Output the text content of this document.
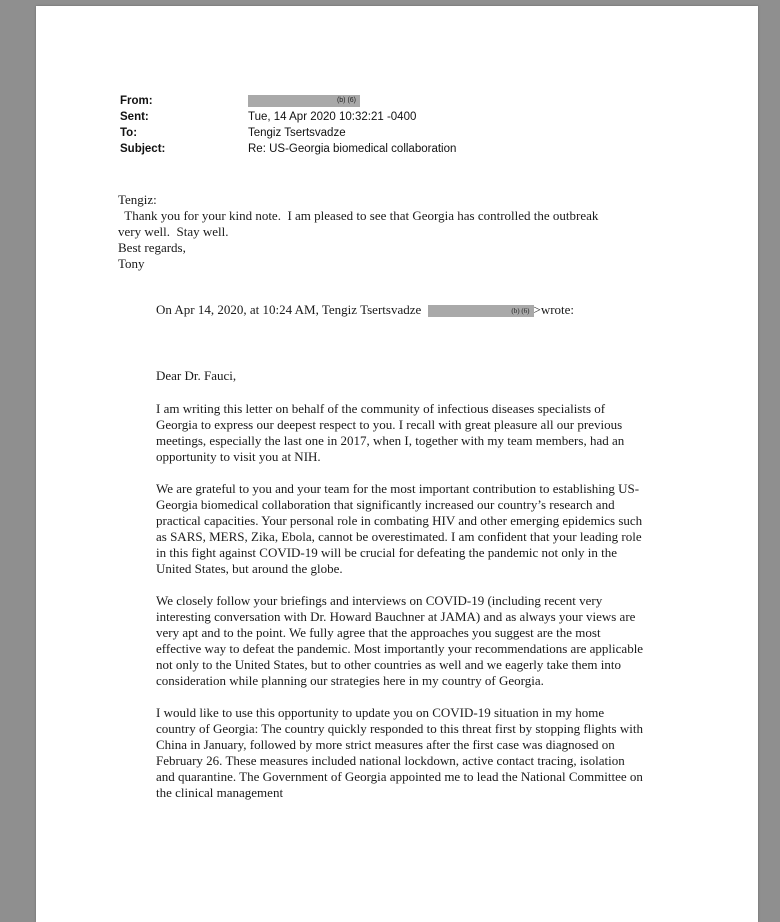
From:	(b) (6)
Sent:	Tue, 14 Apr 2020 10:32:21 -0400
To:	Tengiz Tsertsvadze
Subject:	Re: US-Georgia biomedical collaboration
Tengiz:
Thank you for your kind note.  I am pleased to see that Georgia has controlled the outbreak
very well.  Stay well.
Best regards,
Tony
On Apr 14, 2020, at 10:24 AM, Tengiz Tsertsvadze	(b) (6) >wrote:

Dear Dr. Fauci,

I am writing this letter on behalf of the community of infectious diseases specialists of Georgia to express our deepest respect to you. I recall with great pleasure all our previous meetings, especially the last one in 2017, when I, together with my team members, had an opportunity to visit you at NIH.

We are grateful to you and your team for the most important contribution to establishing US-Georgia biomedical collaboration that significantly increased our country’s research and practical capacities. Your personal role in combating HIV and other emerging epidemics such as SARS, MERS, Zika, Ebola, cannot be overestimated. I am confident that your leading role in this fight against COVID-19 will be crucial for defeating the pandemic not only in the United States, but around the globe.

We closely follow your briefings and interviews on COVID-19 (including recent very interesting conversation with Dr. Howard Bauchner at JAMA) and as always your views are very apt and to the point. We fully agree that the approaches you suggest are the most effective way to defeat the pandemic. Most importantly your recommendations are applicable not only to the United States, but to other countries as well and we eagerly take them into consideration while planning our strategies here in my country of Georgia.

I would like to use this opportunity to update you on COVID-19 situation in my home country of Georgia: The country quickly responded to this threat first by stopping flights with China in January, followed by more strict measures after the first case was diagnosed on February 26. These measures included national lockdown, active contact tracing, isolation and quarantine. The Government of Georgia appointed me to lead the National Committee on the clinical management
